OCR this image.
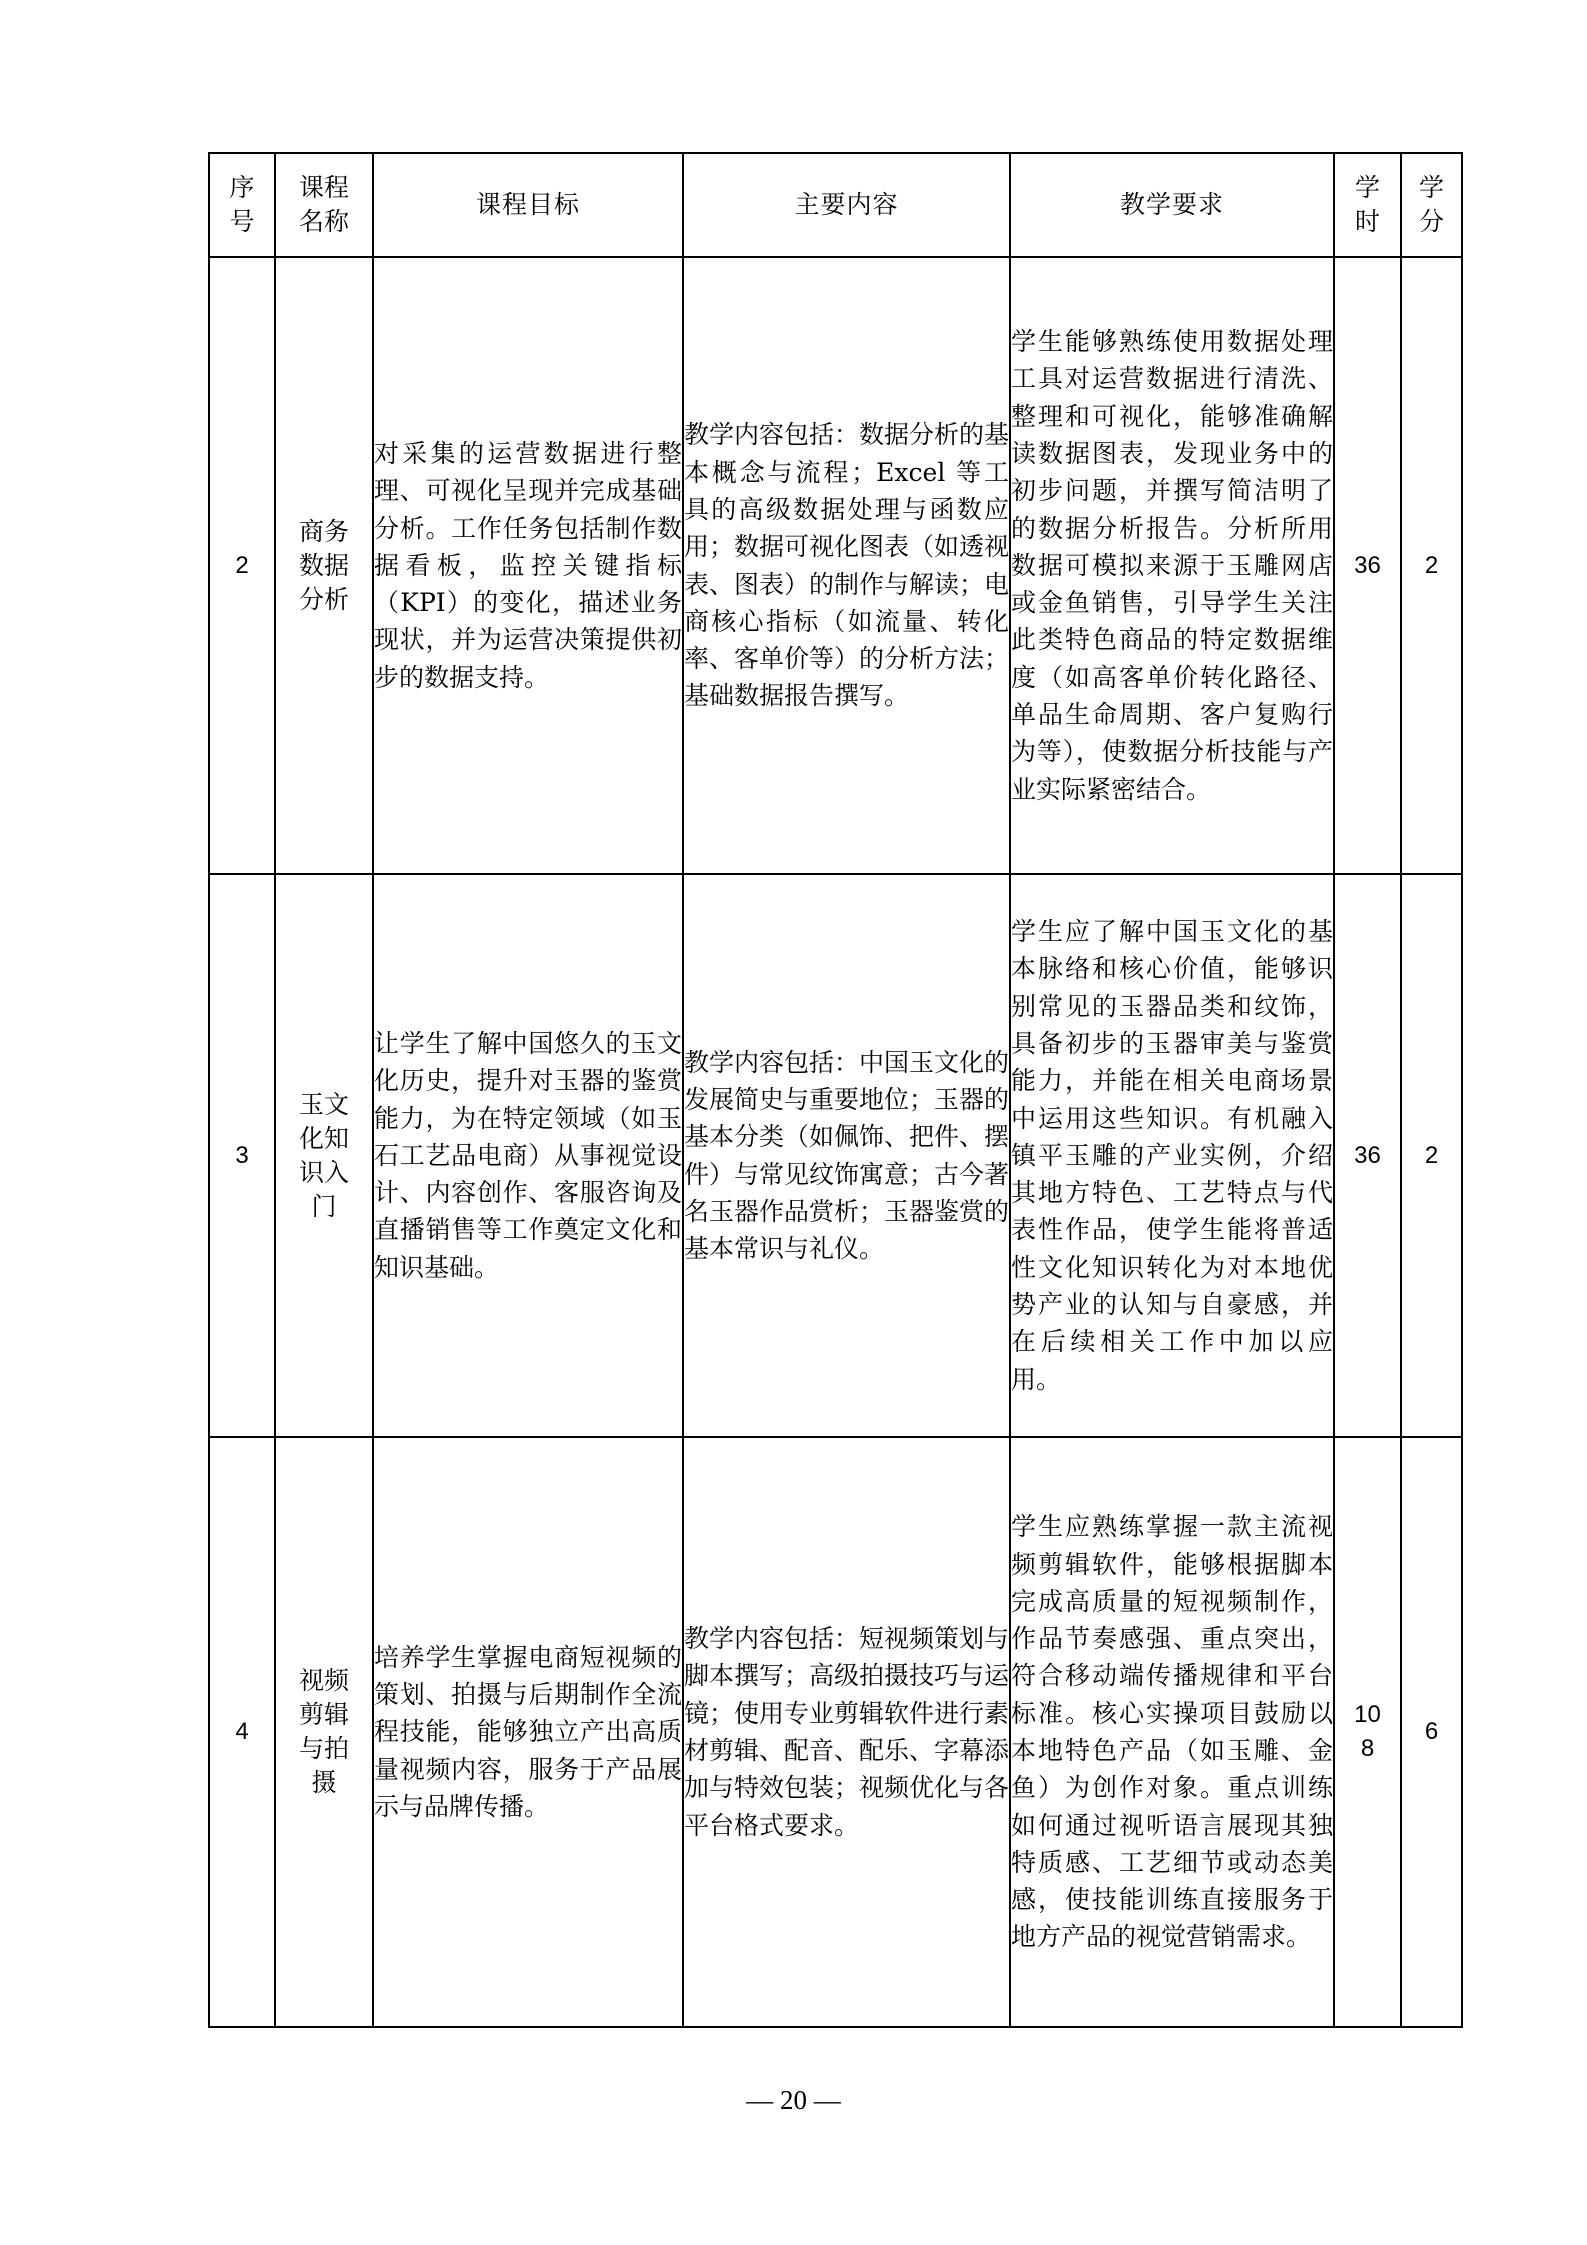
序号	课程名称	课程目标	主要内容	教学要求	学时	学分
2	商务数据分析	对采集的运营数据进行整理、可视化呈现并完成基础分析。工作任务包括制作数据看板，监控关键指标（KPI）的变化，描述业务现状，并为运营决策提供初步的数据支持。	教学内容包括：数据分析的基本概念与流程；Excel 等工具的高级数据处理与函数应用；数据可视化图表（如透视表、图表）的制作与解读；电商核心指标（如流量、转化率、客单价等）的分析方法；基础数据报告撰写。	学生能够熟练使用数据处理工具对运营数据进行清洗、整理和可视化，能够准确解读数据图表，发现业务中的初步问题，并撰写简洁明了的数据分析报告。分析所用数据可模拟来源于玉雕网店或金鱼销售，引导学生关注此类特色商品的特定数据维度（如高客单价转化路径、单品生命周期、客户复购行为等），使数据分析技能与产业实际紧密结合。	36	2
3	玉文化知识入门	让学生了解中国悠久的玉文化历史，提升对玉器的鉴赏能力，为在特定领域（如玉石工艺品电商）从事视觉设计、内容创作、客服咨询及直播销售等工作奠定文化和知识基础。	教学内容包括：中国玉文化的发展简史与重要地位；玉器的基本分类（如佩饰、把件、摆件）与常见纹饰寓意；古今著名玉器作品赏析；玉器鉴赏的基本常识与礼仪。	学生应了解中国玉文化的基本脉络和核心价值，能够识别常见的玉器品类和纹饰，具备初步的玉器审美与鉴赏能力，并能在相关电商场景中运用这些知识。有机融入镇平玉雕的产业实例，介绍其地方特色、工艺特点与代表性作品，使学生能将普适性文化知识转化为对本地优势产业的认知与自豪感，并在后续相关工作中加以应用。	36	2
4	视频剪辑与拍摄	培养学生掌握电商短视频的策划、拍摄与后期制作全流程技能，能够独立产出高质量视频内容，服务于产品展示与品牌传播。	教学内容包括：短视频策划与脚本撰写；高级拍摄技巧与运镜；使用专业剪辑软件进行素材剪辑、配音、配乐、字幕添加与特效包装；视频优化与各平台格式要求。	学生应熟练掌握一款主流视频剪辑软件，能够根据脚本完成高质量的短视频制作，作品节奏感强、重点突出，符合移动端传播规律和平台标准。核心实操项目鼓励以本地特色产品（如玉雕、金鱼）为创作对象。重点训练如何通过视听语言展现其独特质感、工艺细节或动态美感，使技能训练直接服务于地方产品的视觉营销需求。	108	6
— 20 —
